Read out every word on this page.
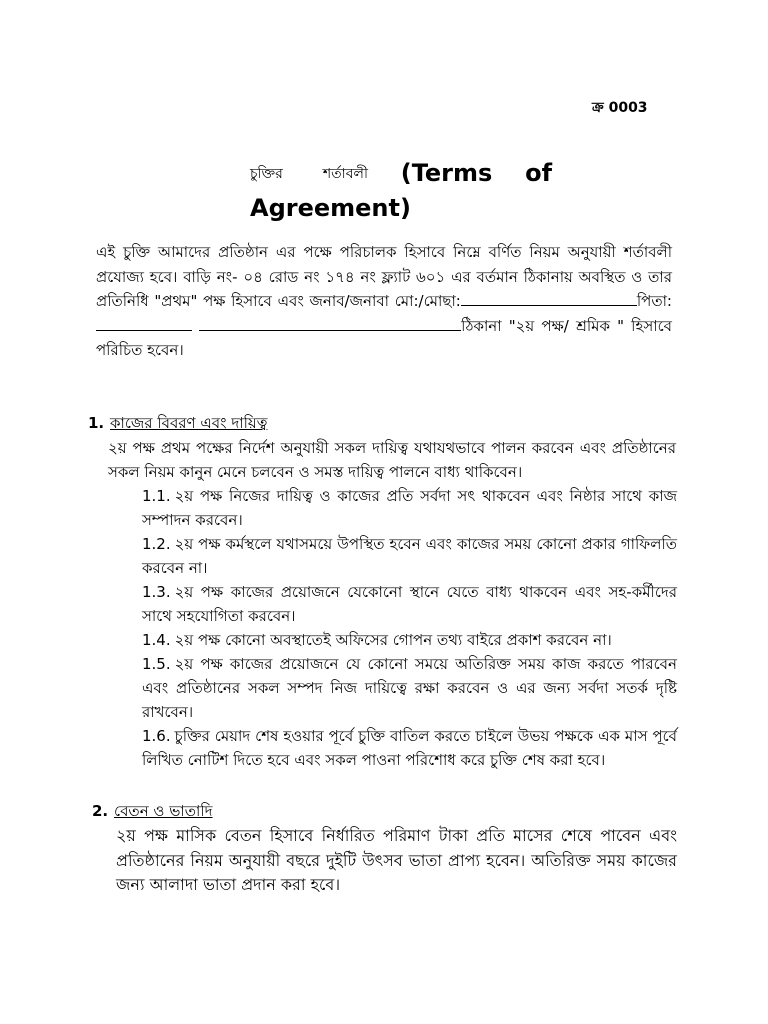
ক্র 0003
চুক্তির	শর্তাবলী (Terms of Agreement)

এই চুক্তি আমাদের প্রতিষ্ঠান এর পক্ষে পরিচালক হিসাবে নিম্নে বর্ণিত নিয়ম অনুযায়ী শর্তাবলী প্রযোজ্য হবে। বাড়ি নং- ০৪ রোড নং ১৭৪ নং ফ্ল্যাট ৬০১ এর বর্তমান ঠিকানায় অবস্থিত ও তার প্রতিনিধি "প্রথম" পক্ষ হিসাবে এবং জনাব/জনাবা মো:/মোছা:	পিতা: ঠিকানা "২য় পক্ষ/ শ্রমিক " হিসাবে পরিচিত হবেন।

1. কাজের বিবরণ এবং দায়িত্ব

২য় পক্ষ প্রথম পক্ষের নির্দেশ অনুযায়ী সকল দায়িত্ব যথাযথভাবে পালন করবেন এবং প্রতিষ্ঠানের সকল নিয়ম কানুন মেনে চলবেন ও সমস্ত দায়িত্ব পালনে বাধ্য থাকিবেন।

1.1. ২য় পক্ষ নিজের দায়িত্ব ও কাজের প্রতি সর্বদা সৎ থাকবেন এবং নিষ্ঠার সাথে কাজ সম্পাদন করবেন।
1.2. ২য় পক্ষ কর্মস্থলে যথাসময়ে উপস্থিত হবেন এবং কাজের সময় কোনো প্রকার গাফিলতি করবেন না।
1.3. ২য় পক্ষ কাজের প্রয়োজনে যেকোনো স্থানে যেতে বাধ্য থাকবেন এবং সহ-কর্মীদের সাথে সহযোগিতা করবেন।
1.4. ২য় পক্ষ কোনো অবস্থাতেই অফিসের গোপন তথ্য বাইরে প্রকাশ করবেন না।
1.5. ২য় পক্ষ কাজের প্রয়োজনে যে কোনো সময়ে অতিরিক্ত সময় কাজ করতে পারবেন এবং প্রতিষ্ঠানের সকল সম্পদ নিজ দায়িত্বে রক্ষা করবেন ও এর জন্য সর্বদা সতর্ক দৃষ্টি রাখবেন।
1.6. চুক্তির মেয়াদ শেষ হওয়ার পূর্বে চুক্তি বাতিল করতে চাইলে উভয় পক্ষকে এক মাস পূর্বে লিখিত নোটিশ দিতে হবে এবং সকল পাওনা পরিশোধ করে চুক্তি শেষ করা হবে।
2. বেতন ও ভাতাদি

২য় পক্ষ মাসিক বেতন হিসাবে নির্ধারিত পরিমাণ টাকা প্রতি মাসের শেষে পাবেন এবং প্রতিষ্ঠানের নিয়ম অনুযায়ী বছরে দুইটি উৎসব ভাতা প্রাপ্য হবেন। অতিরিক্ত সময় কাজের জন্য আলাদা ভাতা প্রদান করা হবে।
